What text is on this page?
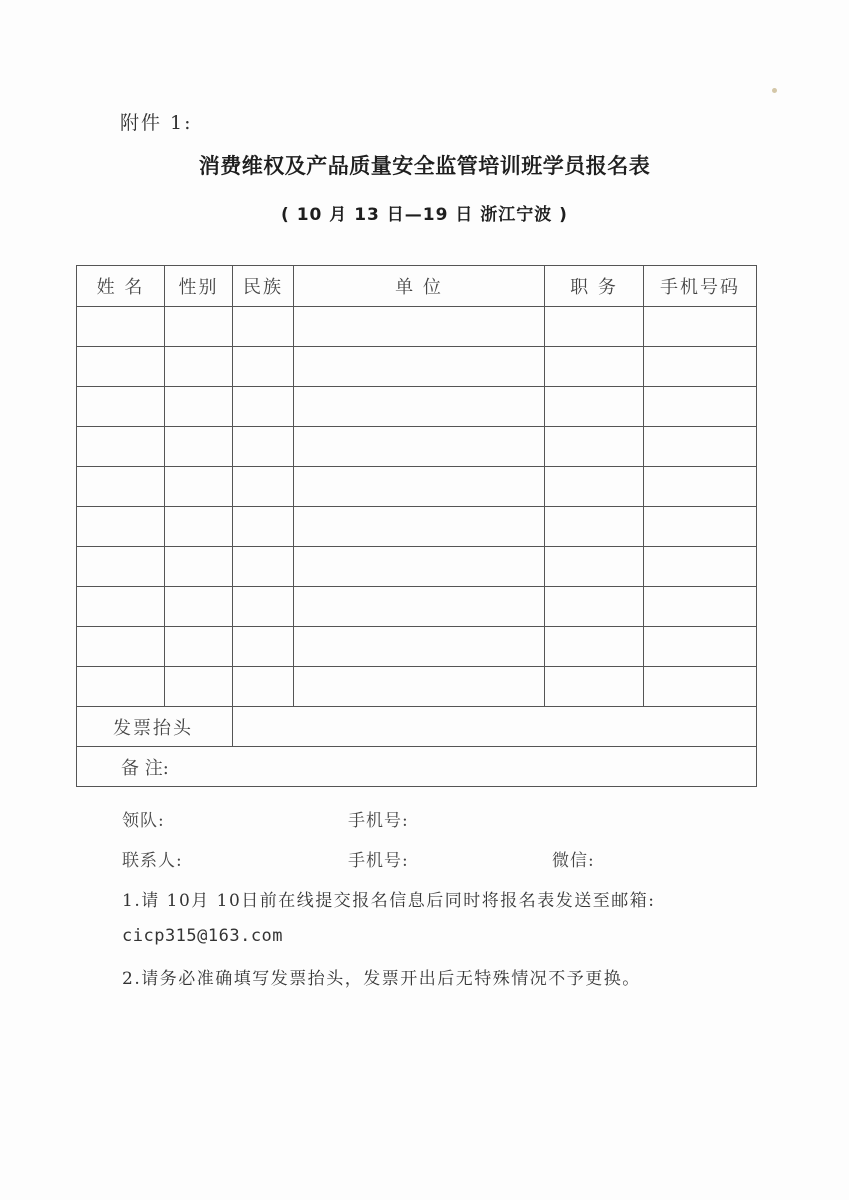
附件 1:
消费维权及产品质量安全监管培训班学员报名表
( 10 月 13 日—19 日 浙江宁波 )
姓 名	性别	民族	单 位	职 务	手机号码

发票抬头					
备 注:					
领队:	手机号:
联系人:	手机号:	微信:
1.请 10月 10日前在线提交报名信息后同时将报名表发送至邮箱:
cicp315@163.com
2.请务必准确填写发票抬头，发票开出后无特殊情况不予更换。
